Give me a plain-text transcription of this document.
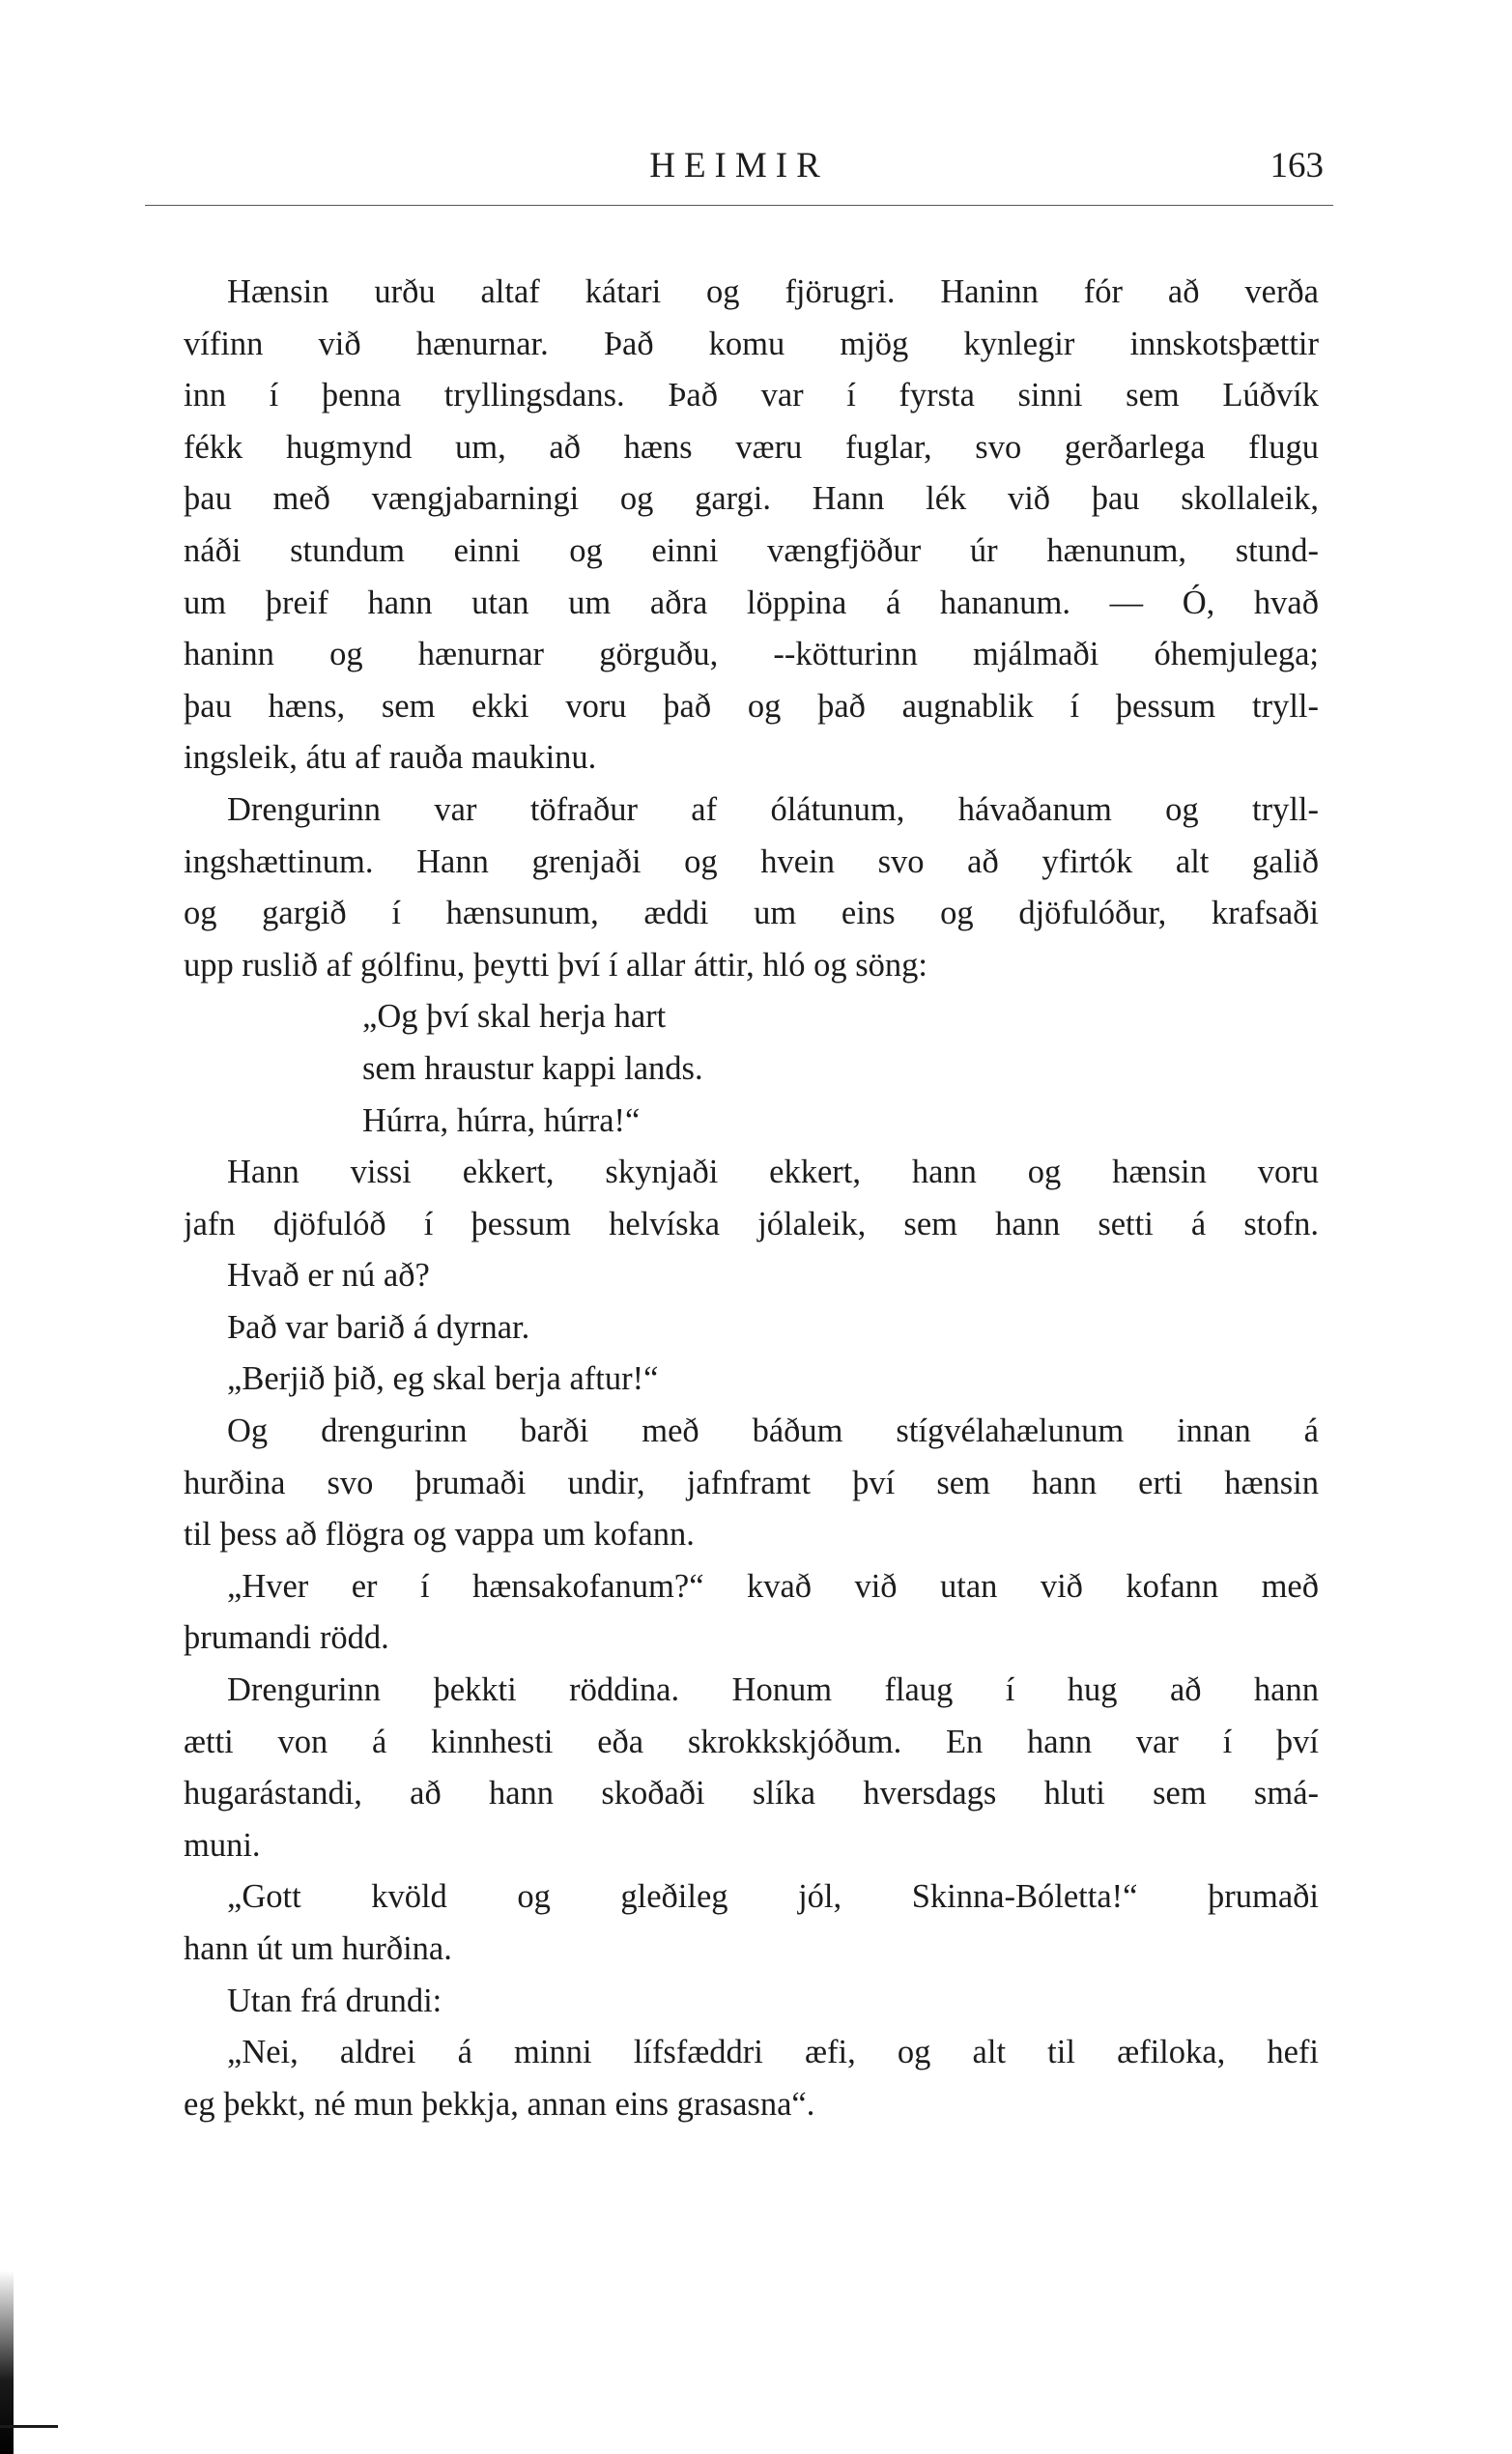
HEIMIR	163
Hænsin urðu altaf kátari og fjörugri. Haninn fór að verða
vífinn við hænurnar. Það komu mjög kynlegir innskotsþættir
inn í þenna tryllingsdans. Það var í fyrsta sinni sem Lúðvík
fékk hugmynd um, að hæns væru fuglar, svo gerðarlega flugu
þau með vængjabarningi og gargi. Hann lék við þau skollaleik,
náði stundum einni og einni vængfjöður úr hænunum, stund-
um þreif hann utan um aðra löppina á hananum. — Ó, hvað
haninn og hænurnar görguðu, --kötturinn mjálmaði óhemjulega;
þau hæns, sem ekki voru það og það augnablik í þessum tryll-
ingsleik, átu af rauða maukinu.
Drengurinn var töfraður af ólátunum, hávaðanum og tryll-
ingshættinum. Hann grenjaði og hvein svo að yfirtók alt galið
og gargið í hænsunum, æddi um eins og djöfulóður, krafsaði
upp ruslið af gólfinu, þeytti því í allar áttir, hló og söng:
„Og því skal herja hart
sem hraustur kappi lands.
Húrra, húrra, húrra!“
Hann vissi ekkert, skynjaði ekkert, hann og hænsin voru
jafn djöfulóð í þessum helvíska jólaleik, sem hann setti á stofn.
Hvað er nú að?
Það var barið á dyrnar.
„Berjið þið, eg skal berja aftur!“
Og drengurinn barði með báðum stígvélahælunum innan á
hurðina svo þrumaði undir, jafnframt því sem hann erti hænsin
til þess að flögra og vappa um kofann.
„Hver er í hænsakofanum?“ kvað við utan við kofann með
þrumandi rödd.
Drengurinn þekkti röddina. Honum flaug í hug að hann
ætti von á kinnhesti eða skrokkskjóðum. En hann var í því
hugarástandi, að hann skoðaði slíka hversdags hluti sem smá-
muni.
„Gott kvöld og gleðileg jól, Skinna-Bóletta!“ þrumaði
hann út um hurðina.
Utan frá drundi:
„Nei, aldrei á minni lífsfæddri æfi, og alt til æfiloka, hefi
eg þekkt, né mun þekkja, annan eins grasasna“.
